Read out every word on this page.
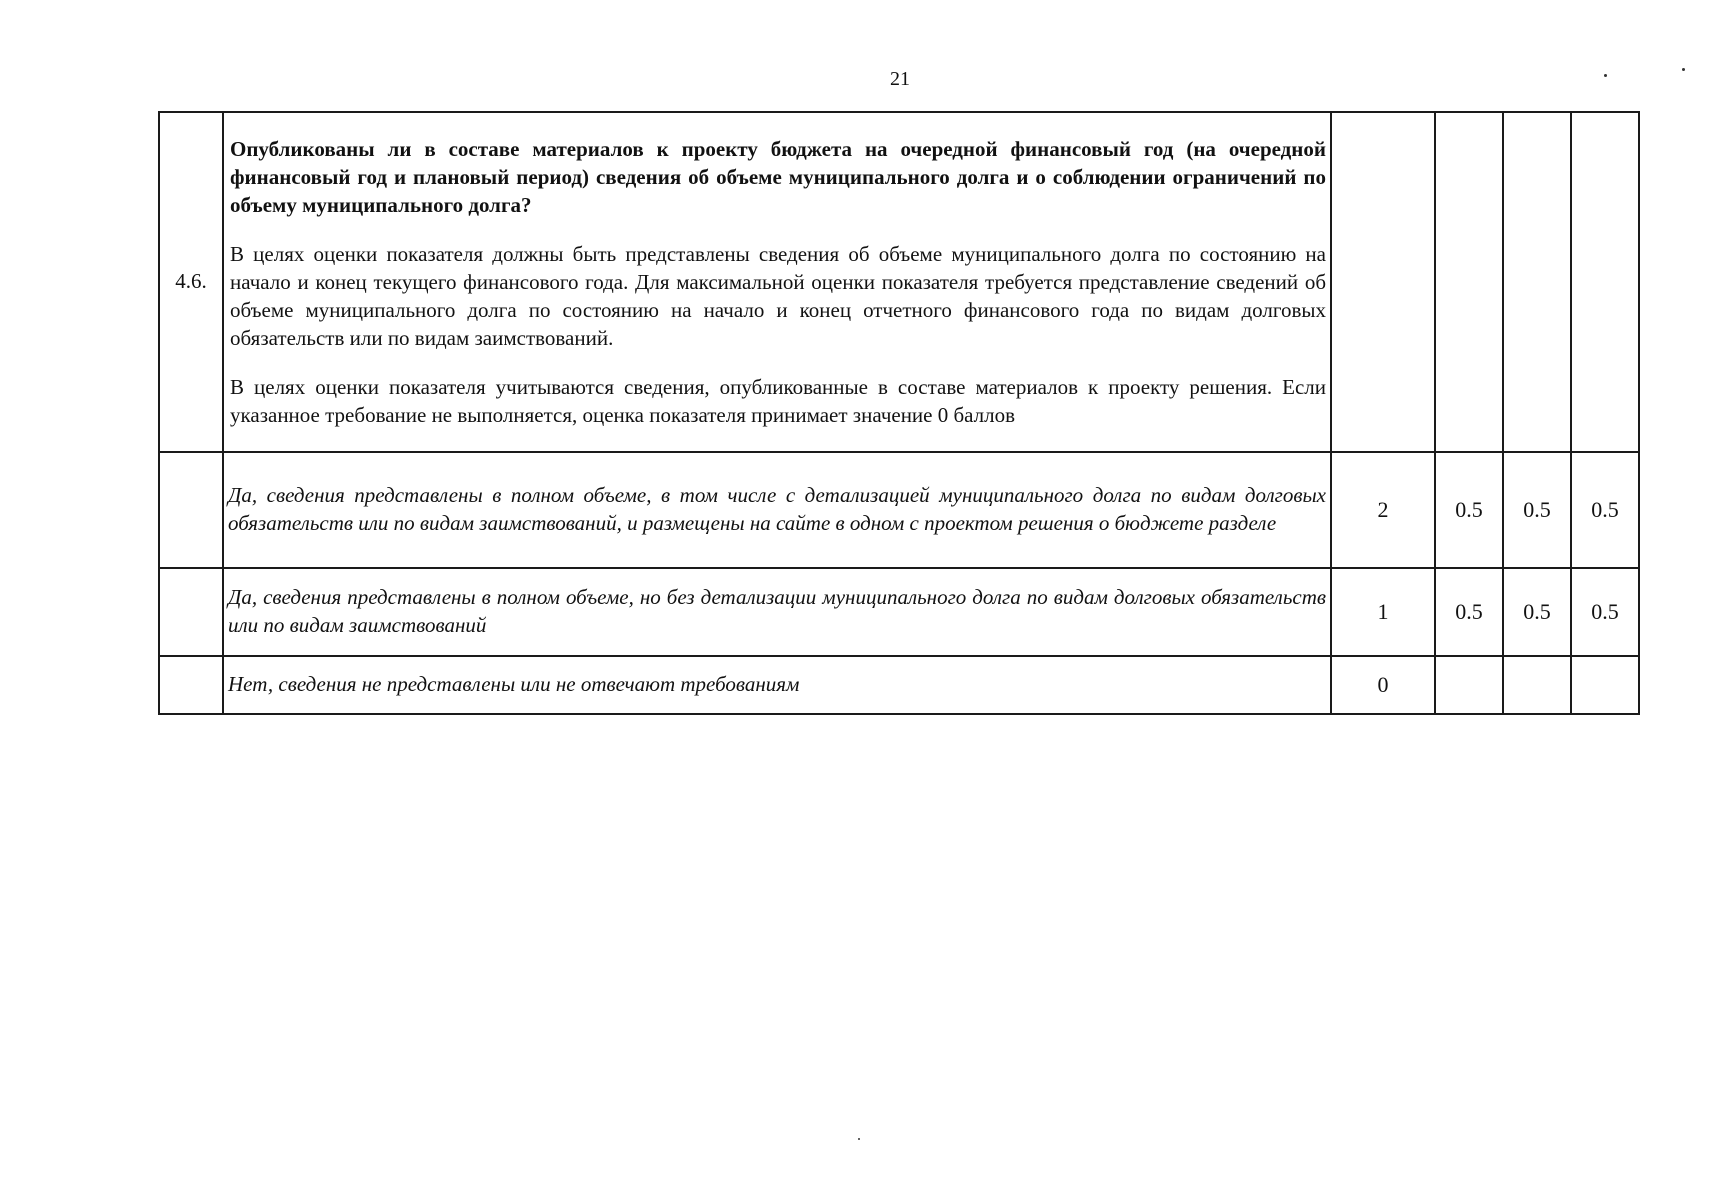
21
4.6.	Опубликованы ли в составе материалов к проекту бюджета на очередной финансовый год (на очередной финансовый год и плановый период) сведения об объеме муниципального долга и о соблюдении ограничений по объему муниципального долга?

В целях оценки показателя должны быть представлены сведения об объеме муниципального долга по состоянию на начало и конец текущего финансового года. Для максимальной оценки показателя требуется представление сведений об объеме муниципального долга по состоянию на начало и конец отчетного финансового года по видам долговых обязательств или по видам заимствований.

В целях оценки показателя учитываются сведения, опубликованные в составе материалов к проекту решения. Если указанное требование не выполняется, оценка показателя принимает значение 0 баллов				

	Да, сведения представлены в полном объеме, в том числе с детализацией муниципального долга по видам долговых обязательств или по видам заимствований, и размещены на сайте в одном с проектом решения о бюджете разделе	2	0.5	0.5	0.5
	Да, сведения представлены в полном объеме, но без детализации муниципального долга по видам долговых обязательств или по видам заимствований	1	0.5	0.5	0.5
	Нет, сведения не представлены или не отвечают требованиям	0			
